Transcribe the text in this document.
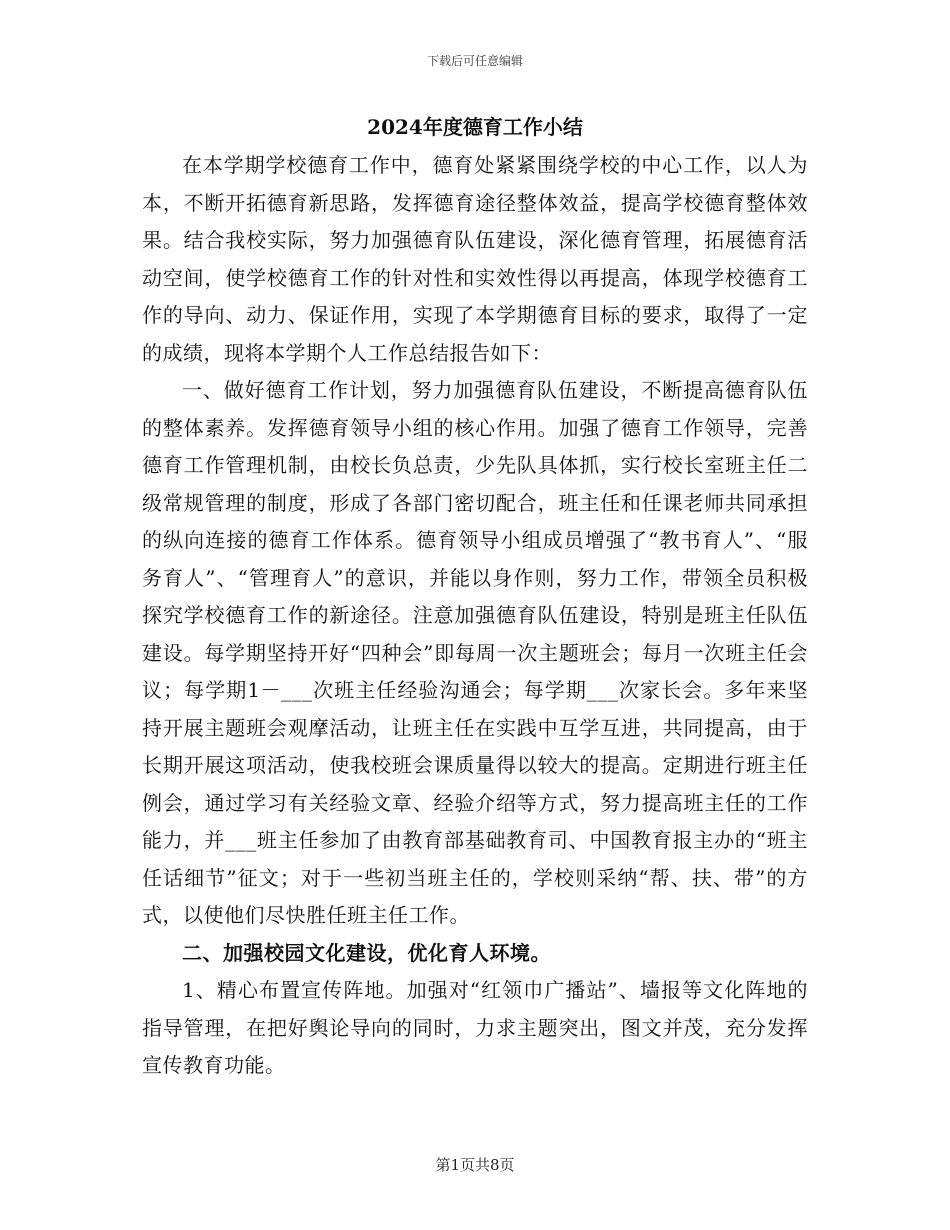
下载后可任意编辑
2024年度德育工作小结

在本学期学校德育工作中，德育处紧紧围绕学校的中心工作，以人为本，不断开拓德育新思路，发挥德育途径整体效益，提高学校德育整体效果。结合我校实际，努力加强德育队伍建设，深化德育管理，拓展德育活动空间，使学校德育工作的针对性和实效性得以再提高，体现学校德育工作的导向、动力、保证作用，实现了本学期德育目标的要求，取得了一定的成绩，现将本学期个人工作总结报告如下：

一、做好德育工作计划，努力加强德育队伍建设，不断提高德育队伍的整体素养。发挥德育领导小组的核心作用。加强了德育工作领导，完善德育工作管理机制，由校长负总责，少先队具体抓，实行校长室班主任二级常规管理的制度，形成了各部门密切配合，班主任和任课老师共同承担的纵向连接的德育工作体系。德育领导小组成员增强了“教书育人”、“服务育人”、“管理育人”的意识，并能以身作则，努力工作，带领全员积极探究学校德育工作的新途径。注意加强德育队伍建设，特别是班主任队伍建设。每学期坚持开好“四种会”即每周一次主题班会；每月一次班主任会议；每学期1－___次班主任经验沟通会；每学期___次家长会。多年来坚持开展主题班会观摩活动，让班主任在实践中互学互进，共同提高，由于长期开展这项活动，使我校班会课质量得以较大的提高。定期进行班主任例会，通过学习有关经验文章、经验介绍等方式，努力提高班主任的工作能力，并___班主任参加了由教育部基础教育司、中国教育报主办的“班主任话细节”征文；对于一些初当班主任的，学校则采纳“帮、扶、带”的方式，以使他们尽快胜任班主任工作。

二、加强校园文化建设，优化育人环境。

1、精心布置宣传阵地。加强对“红领巾广播站”、墙报等文化阵地的指导管理，在把好舆论导向的同时，力求主题突出，图文并茂，充分发挥宣传教育功能。

第1页共8页
